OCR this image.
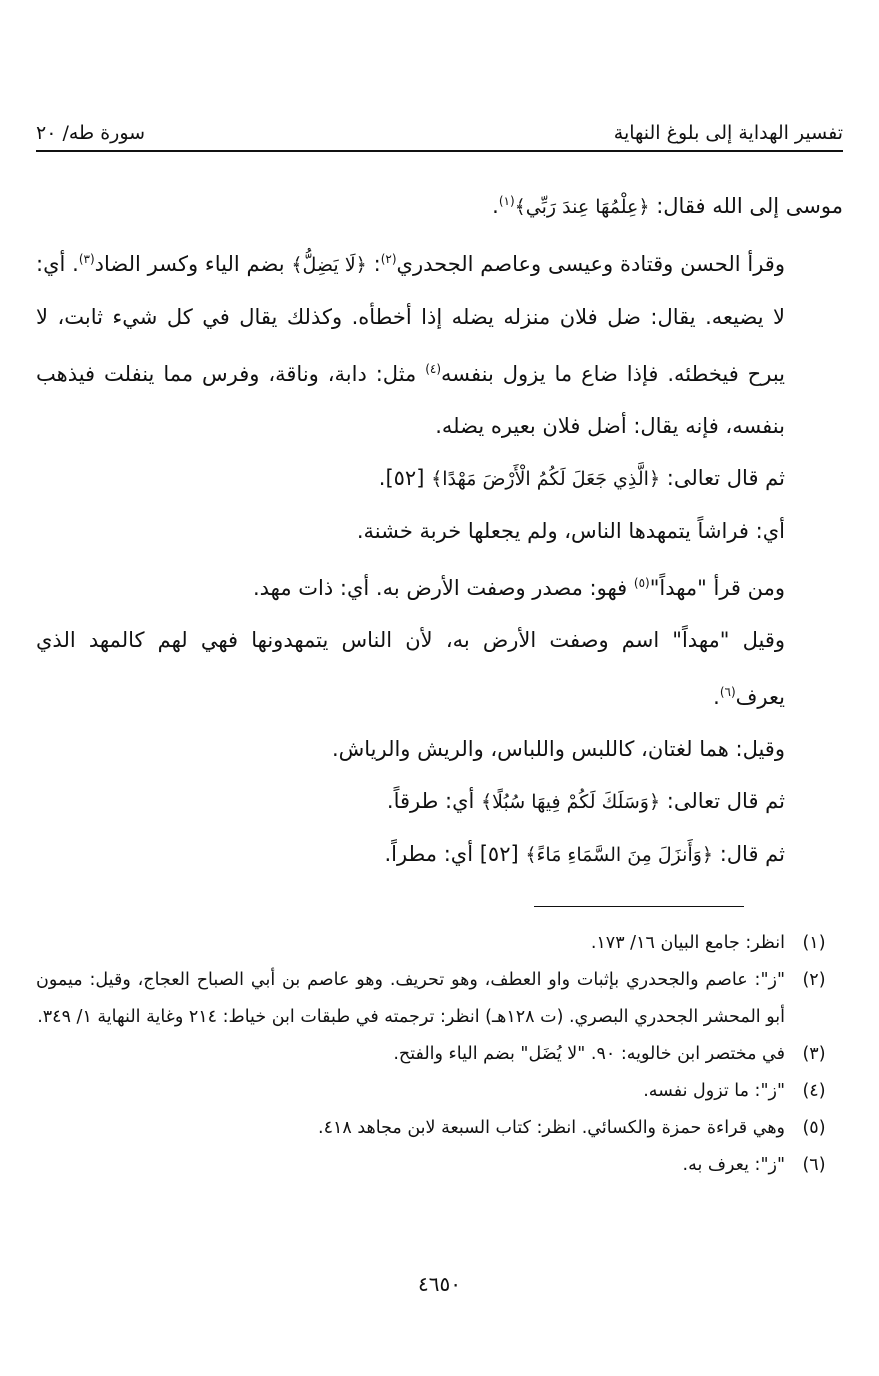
تفسير الهداية إلى بلوغ النهاية
سورة طه/ ٢٠

موسى إلى الله فقال: ﴿عِلْمُهَا عِندَ رَبِّي﴾$^{(١)}$.

وقرأ الحسن وقتادة وعيسى وعاصم الجحدري$^{(٢)}$: ﴿لَا يَضِلُّ﴾ بضم الياء وكسر الضاد$^{(٣)}$. أي: لا يضيعه. يقال: ضل فلان منزله يضله إذا أخطأه. وكذلك يقال في كل شيء ثابت، لا يبرح فيخطئه. فإذا ضاع ما يزول بنفسه$^{(٤)}$ مثل: دابة، وناقة، وفرس مما ينفلت فيذهب بنفسه، فإنه يقال: أضل فلان بعيره يضله.

ثم قال تعالى: ﴿الَّذِي جَعَلَ لَكُمُ الْأَرْضَ مَهْدًا﴾ [٥٢].

أي: فراشاً يتمهدها الناس، ولم يجعلها خربة خشنة.

ومن قرأ "مهداً"$^{(٥)}$ فهو: مصدر وصفت الأرض به. أي: ذات مهد.

وقيل "مهداً" اسم وصفت الأرض به، لأن الناس يتمهدونها فهي لهم كالمهد الذي يعرف$^{(٦)}$.

وقيل: هما لغتان، كاللبس واللباس، والريش والرياش.

ثم قال تعالى: ﴿وَسَلَكَ لَكُمْ فِيهَا سُبُلًا﴾ أي: طرقاً.

ثم قال: ﴿وَأَنزَلَ مِنَ السَّمَاءِ مَاءً﴾ [٥٢] أي: مطراً.

(١)
انظر: جامع البيان ١٦/ ١٧٣.
(٢)
"ز": عاصم والجحدري بإثبات واو العطف، وهو تحريف. وهو عاصم بن أبي الصباح العجاج، وقيل: ميمون أبو المحشر الجحدري البصري. (ت ١٢٨هـ) انظر: ترجمته في طبقات ابن خياط: ٢١٤ وغاية النهاية ١/ ٣٤٩.
(٣)
في مختصر ابن خالويه: ٩٠. "لا يُضَل" بضم الياء والفتح.
(٤)
"ز": ما تزول نفسه.
(٥)
وهي قراءة حمزة والكسائي. انظر: كتاب السبعة لابن مجاهد ٤١٨.
(٦)
"ز": يعرف به.
٤٦٥٠
